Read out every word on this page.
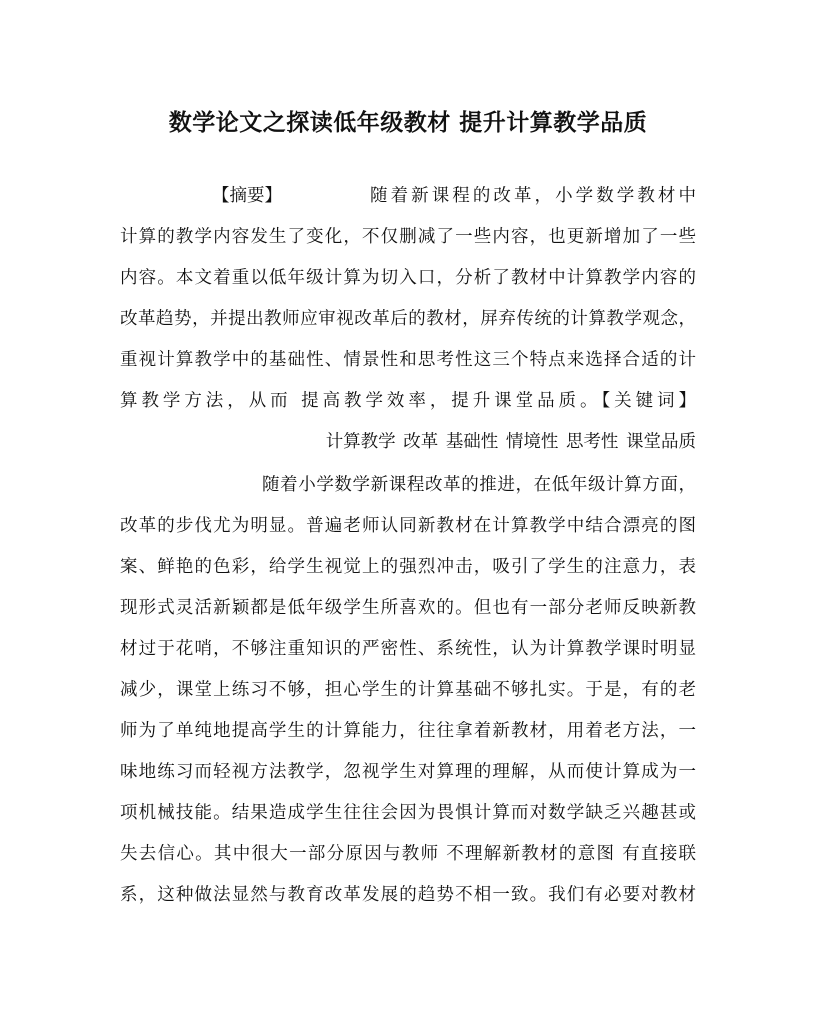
数学论文之探读低年级教材 提升计算教学品质
【摘要】	随着新课程的改革，小学数学教材中
计算的教学内容发生了变化，不仅删减了一些内容，也更新增加了一些
内容。本文着重以低年级计算为切入口，分析了教材中计算教学内容的
改革趋势，并提出教师应审视改革后的教材，屏弃传统的计算教学观念，
重视计算教学中的基础性、情景性和思考性这三个特点来选择合适的计
算教学方法，从而 提高教学效率，提升课堂品质。【关键词】
计算教学 改革 基础性 情境性 思考性 课堂品质
随着小学数学新课程改革的推进，在低年级计算方面，
改革的步伐尤为明显。普遍老师认同新教材在计算教学中结合漂亮的图
案、鲜艳的色彩，给学生视觉上的强烈冲击，吸引了学生的注意力，表
现形式灵活新颖都是低年级学生所喜欢的。但也有一部分老师反映新教
材过于花哨，不够注重知识的严密性、系统性，认为计算教学课时明显
减少，课堂上练习不够，担心学生的计算基础不够扎实。于是，有的老
师为了单纯地提高学生的计算能力，往往拿着新教材，用着老方法，一
味地练习而轻视方法教学，忽视学生对算理的理解，从而使计算成为一
项机械技能。结果造成学生往往会因为畏惧计算而对数学缺乏兴趣甚或
失去信心。其中很大一部分原因与教师 不理解新教材的意图 有直接联
系，这种做法显然与教育改革发展的趋势不相一致。我们有必要对教材
